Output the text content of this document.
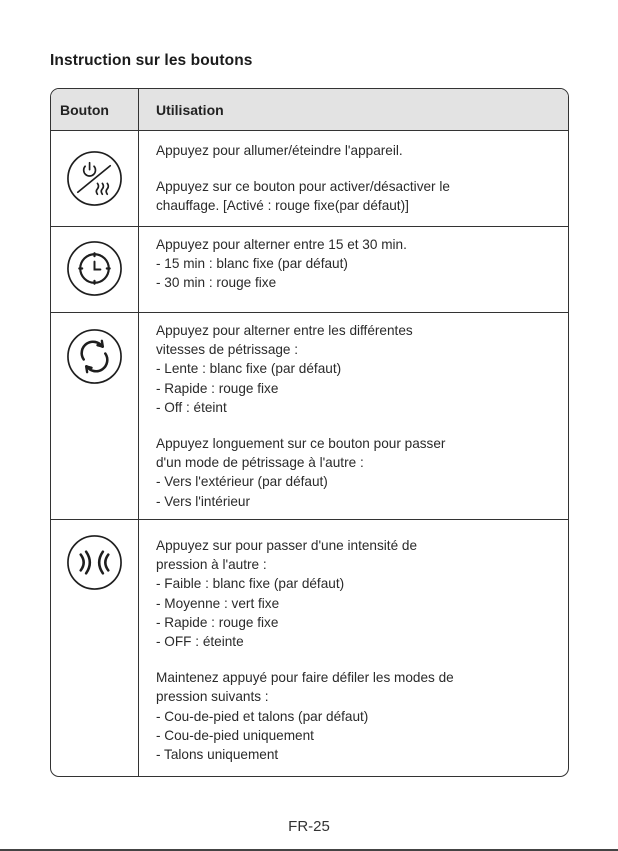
Instruction sur les boutons
Bouton	Utilisation
Appuyez pour allumer/éteindre l'appareil.
Appuyez sur ce bouton pour activer/désactiver le
chauffage. [Activé : rouge fixe(par défaut)]
Appuyez pour alterner entre 15 et 30 min.
- 15 min : blanc fixe (par défaut)
- 30 min : rouge fixe
Appuyez pour alterner entre les différentes
vitesses de pétrissage :
- Lente : blanc fixe (par défaut)
- Rapide : rouge fixe
- Off : éteint
Appuyez longuement sur ce bouton pour passer
d'un mode de pétrissage à l'autre :
- Vers l'extérieur (par défaut)
- Vers l'intérieur
Appuyez sur pour passer d'une intensité de
pression à l'autre :
- Faible : blanc fixe (par défaut)
- Moyenne : vert fixe
- Rapide : rouge fixe
- OFF : éteinte
Maintenez appuyé pour faire défiler les modes de
pression suivants :
- Cou-de-pied et talons (par défaut)
- Cou-de-pied uniquement
- Talons uniquement
FR-25
